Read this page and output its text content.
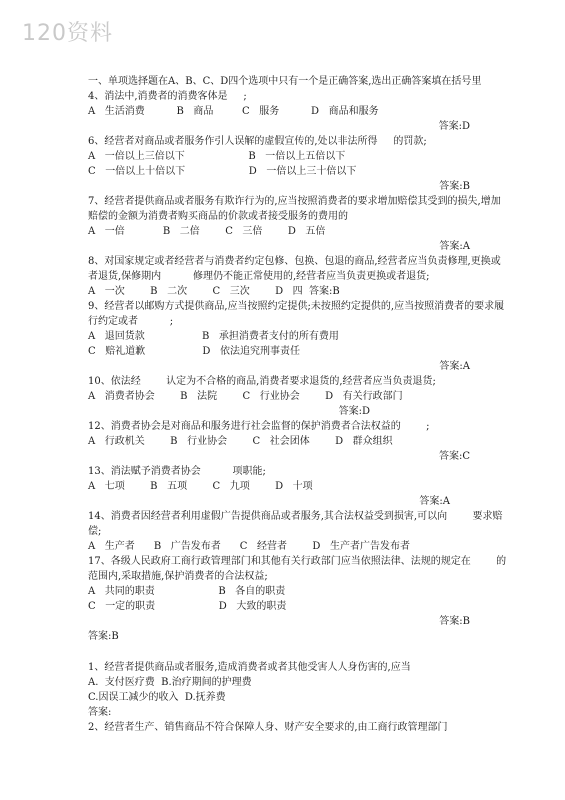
120资料
一、单项选择题在A、B、C、D四个选项中只有一个是正确答案,选出正确答案填在括号里
4、消法中,消费者的消费客体是     ;
A   生活消费          B   商品         C   服务          D   商品和服务
答案:D
6、经营者对商品或者服务作引人误解的虚假宣传的,处以非法所得     的罚款;
A   一倍以上三倍以下                    B   一倍以上五倍以下
C   一倍以上十倍以下                    D   一倍以上三十倍以下
答案:B
7、经营者提供商品或者服务有欺诈行为的,应当按照消费者的要求增加赔偿其受到的损失,增加
赔偿的金额为消费者购买商品的价款或者接受服务的费用的
A   一倍            B   二倍        C   三倍        D   五倍
答案:A
8、对国家规定或者经营者与消费者约定包修、包换、包退的商品,经营者应当负责修理,更换或
者退货,保修期内          修理仍不能正常使用的,经营者应当负责更换或者退货;
A   一次        B   二次        C   三次        D   四  答案:B
9、经营者以邮购方式提供商品,应当按照约定提供;未按照约定提供的,应当按照消费者的要求履
行约定或者          ;
A   退回货款                  B   承担消费者支付的所有费用
C   赔礼道歉                  D   依法追究刑事责任
答案:A
10、依法经        认定为不合格的商品,消费者要求退货的,经营者应当负责退货;
A   消费者协会        B   法院        C   行业协会        D   有关行政部门
答案:D
12、消费者协会是对商品和服务进行社会监督的保护消费者合法权益的        ;
A   行政机关        B   行业协会        C   社会团体        D   群众组织
答案:C
13、消法赋予消费者协会          项职能;
A   七项        B   五项        C   九项        D   十项
答案:A
14、消费者因经营者利用虚假广告提供商品或者服务,其合法权益受到损害,可以向        要求赔
偿;
A   生产者      B   广告发布者      C   经营者        D   生产者广告发布者
17、各级人民政府工商行政管理部门和其他有关行政部门应当依照法律、法规的规定在        的
范围内,采取措施,保护消费者的合法权益;
A   共同的职责                    B   各自的职责
C   一定的职责                    D   大致的职责
答案:B
答案:B
1、经营者提供商品或者服务,造成消费者或者其他受害人人身伤害的,应当
A.  支付医疗费  B.治疗期间的护理费
C.因误工减少的收入  D.抚养费
答案:
2、经营者生产、销售商品不符合保障人身、财产安全要求的,由工商行政管理部门
